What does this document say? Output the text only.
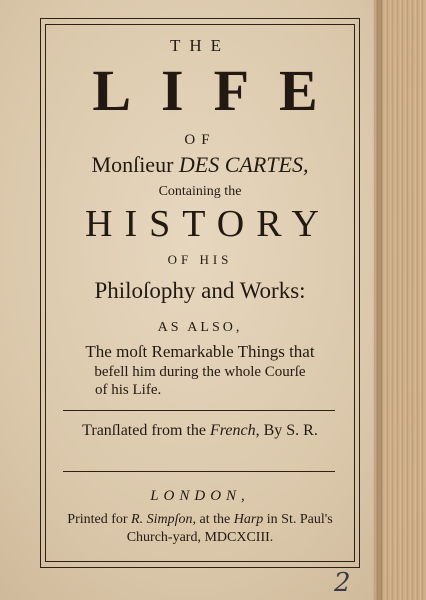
THE
LIFE
OF
Monſieur DES CARTES,
Containing the
HISTORY
OF HIS
Philoſophy and Works:
AS ALSO,
The moſt Remarkable Things that
befell him during the whole Courſe
of his Life.
Tranſlated from the French, By S. R.
LONDON,
Printed for R. Simpſon, at the Harp in St. Paul's
Church-yard, MDCXCIII.
2
